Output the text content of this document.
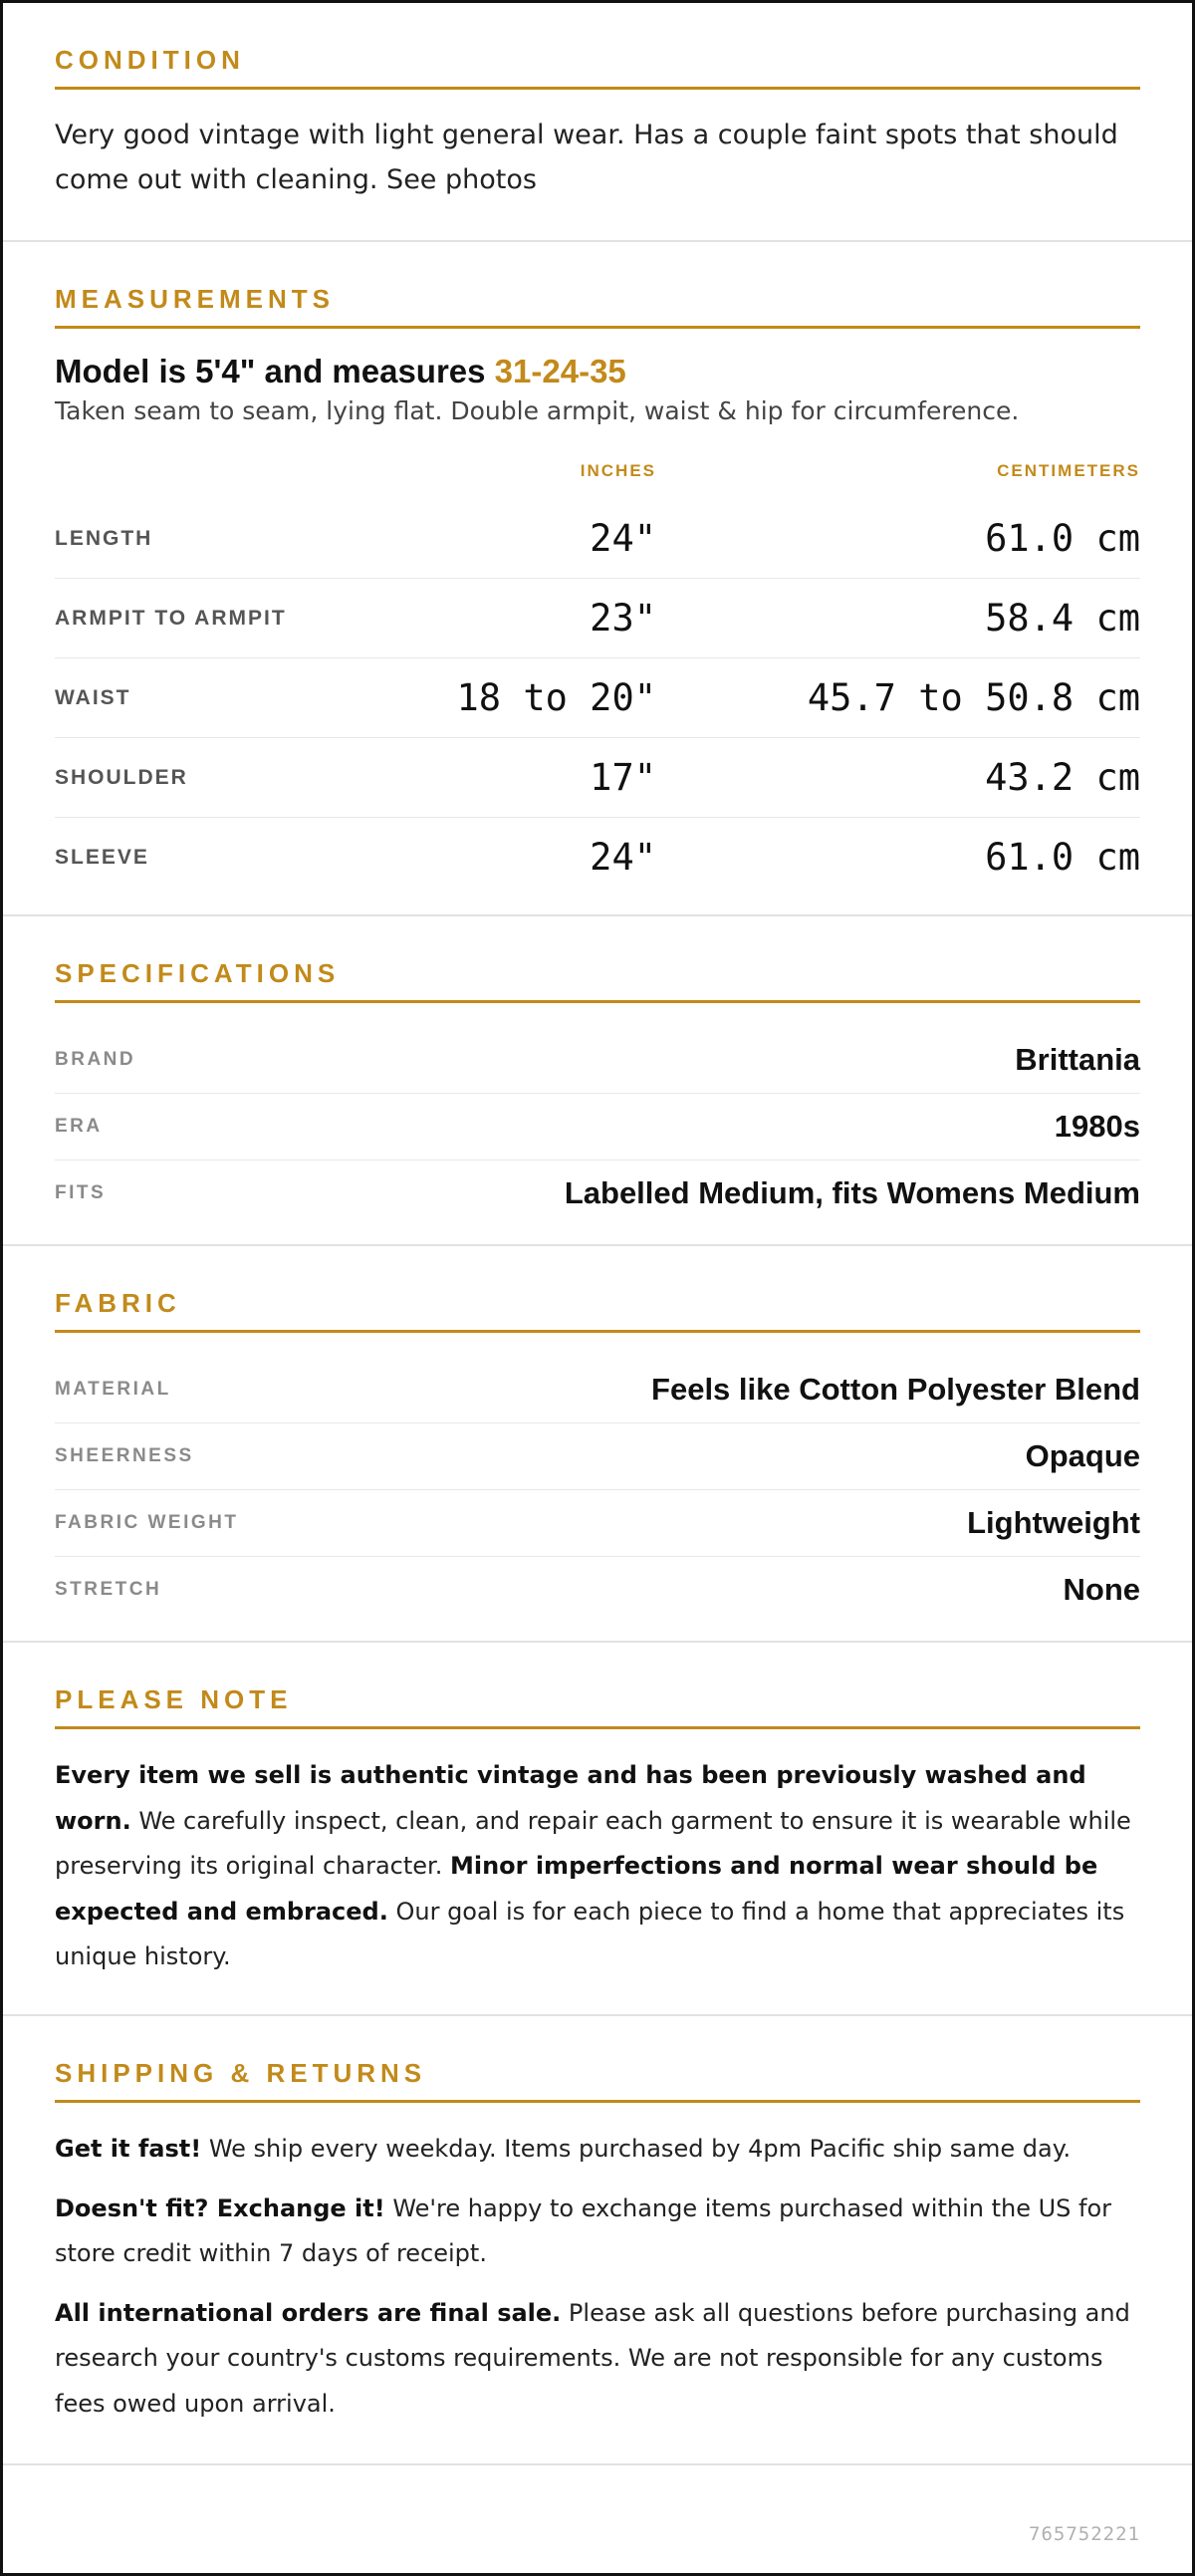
CONDITION

Very good vintage with light general wear. Has a couple faint spots that should come out with cleaning. See photos

MEASUREMENTS
Model is 5'4" and measures 31-24-35
Taken seam to seam, lying flat. Double armpit, waist & hip for circumference.
INCHES	CENTIMETERS
LENGTH	24"	61.0 cm
ARMPIT TO ARMPIT	23"	58.4 cm
WAIST	18 to 20"	45.7 to 50.8 cm
SHOULDER	17"	43.2 cm
SLEEVE	24"	61.0 cm
SPECIFICATIONS
BRAND	Brittania
ERA	1980s
FITS	Labelled Medium, fits Womens Medium
FABRIC
MATERIAL	Feels like Cotton Polyester Blend
SHEERNESS	Opaque
FABRIC WEIGHT	Lightweight
STRETCH	None
PLEASE NOTE

Every item we sell is authentic vintage and has been previously washed and worn. We carefully inspect, clean, and repair each garment to ensure it is wearable while preserving its original character. Minor imperfections and normal wear should be expected and embraced. Our goal is for each piece to find a home that appreciates its unique history.

SHIPPING & RETURNS

Get it fast! We ship every weekday. Items purchased by 4pm Pacific ship same day.

Doesn't fit? Exchange it! We're happy to exchange items purchased within the US for store credit within 7 days of receipt.

All international orders are final sale. Please ask all questions before purchasing and research your country's customs requirements. We are not responsible for any customs fees owed upon arrival.

765752221
